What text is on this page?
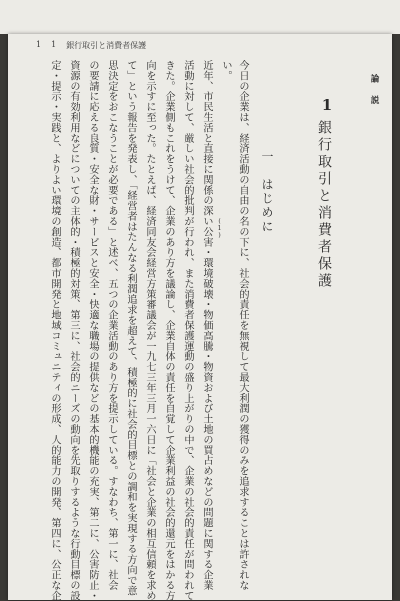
1 1 銀行取引と消費者保護
論　説
1
銀行取引と消費者保護
一　はじめに
今日の企業は、経済活動の自由の名の下に、社会的責任を無視して最大利潤の獲得のみを追求することは許されな
い。
近年、市民生活と直接に関係の深い公害・環境破壊・物価高騰・物資および土地の買占めなどの問題に関する企業
活動に対して、厳しい社会的批判が行われ、また消費者保護運動の盛り上がりの中で、企業の社会的責任が問われて
きた。企業側もこれをうけて、企業のあり方を議論し、企業自体の責任を自覚して企業利益の社会的還元をはかる方
向を示すに至った。たとえば、経済同友会経営方策審議会が一九七三年三月一六日に「社会と企業の相互信頼を求め
て」という報告を発表し、「経営者はたんなる利潤追求を超えて、積極的に社会的目標との調和を実現する方向で意
思決定をおこなうことが必要である」と述べ、五つの企業活動のあり方を提示している。すなわち、第一に、社会
の要請に応える良質・安全な財・サービスと安全・快適な職場の提供などの基本的機能の充実、第二に、公害防止・
資源の有効利用などについての主体的・積極的対策、第三に、社会的ニーズの動向を先取りするような行動目標の設
定・提示・実践と、よりよい環境の創造、都市開発と地域コミュニティの形成、人的能力の開発、第四に、公正な企	(1)
